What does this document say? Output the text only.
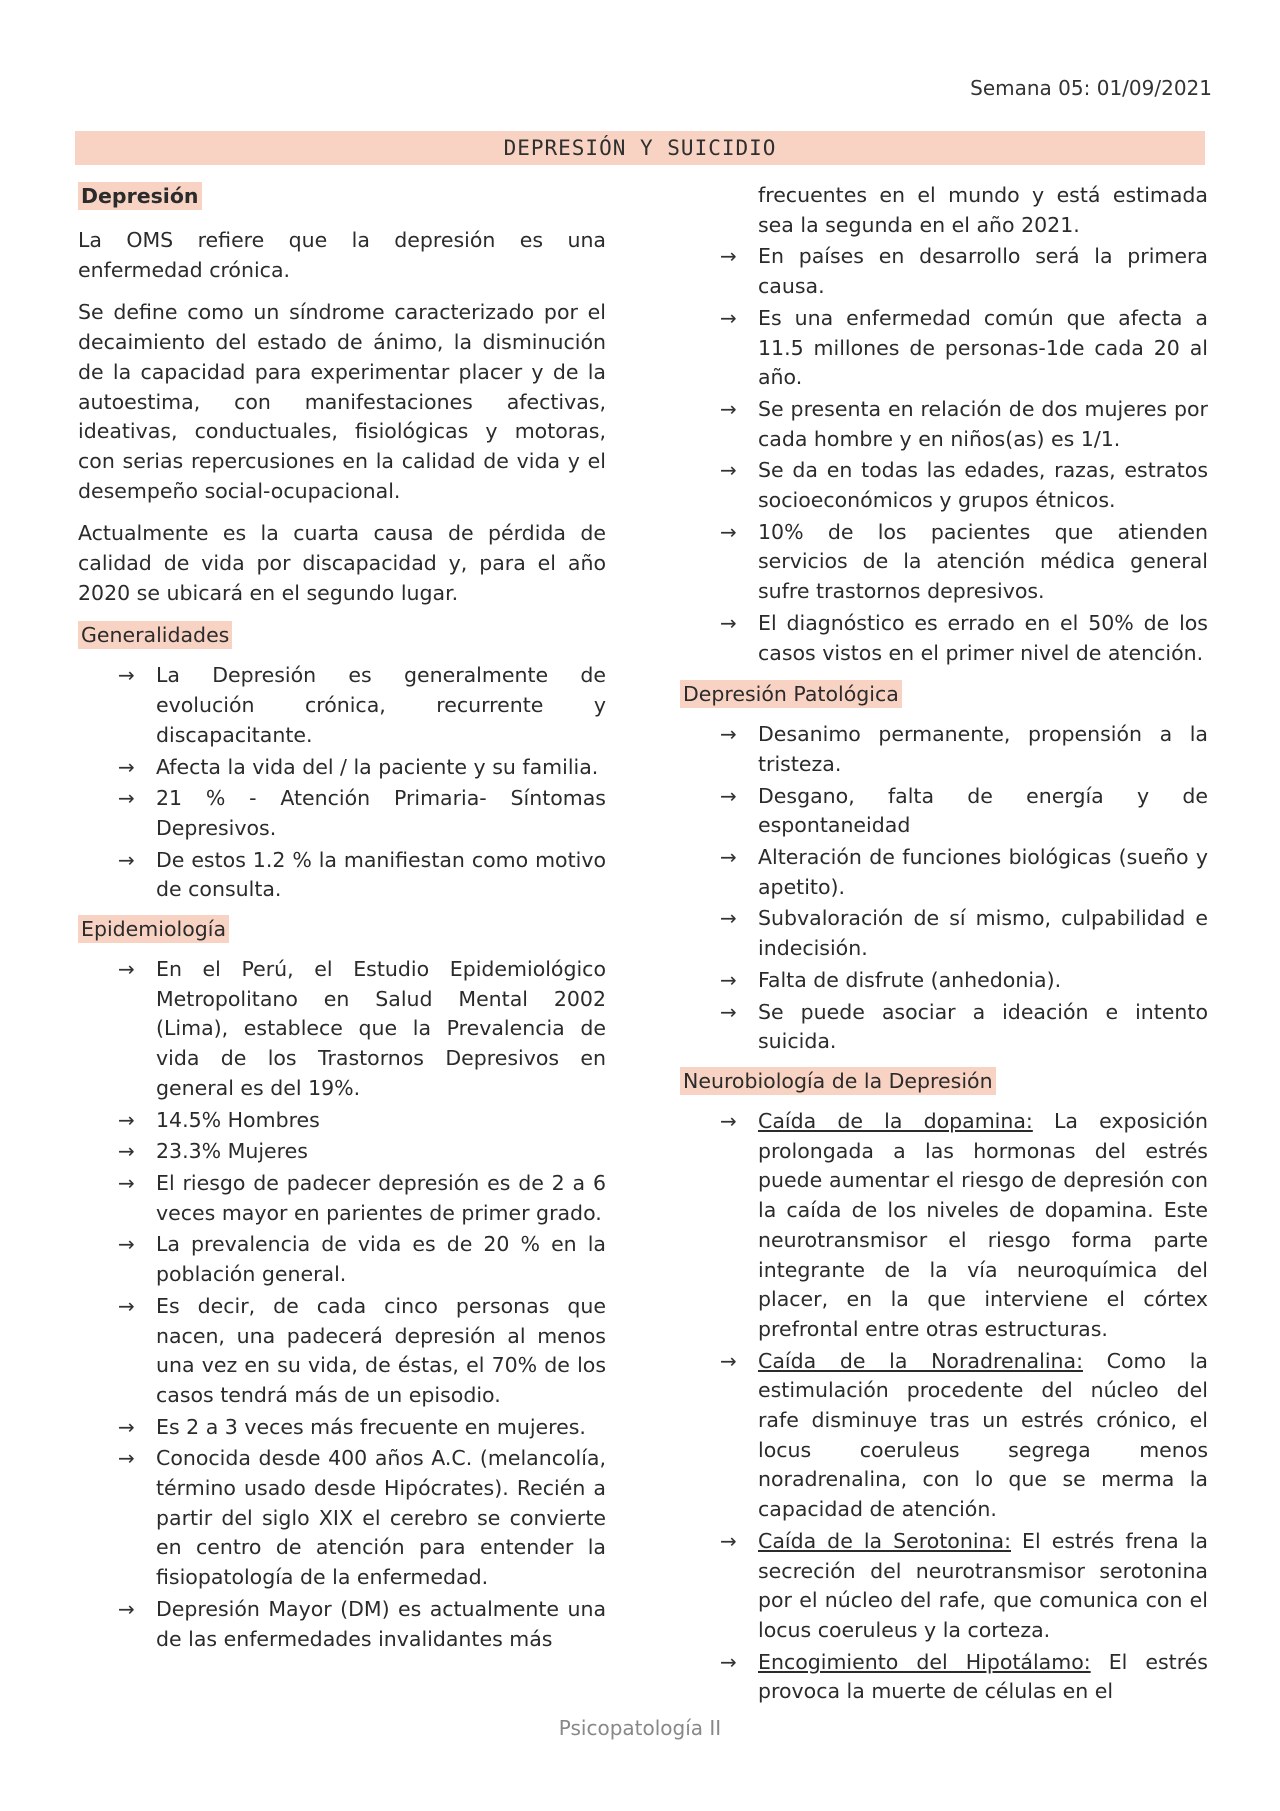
Semana 05: 01/09/2021
DEPRESIÓN Y SUICIDIO
Depresión

La OMS refiere que la depresión es una enfermedad crónica.

Se define como un síndrome caracterizado por el decaimiento del estado de ánimo, la disminución de la capacidad para experimentar placer y de la autoestima, con manifestaciones afectivas, ideativas, conductuales, fisiológicas y motoras, con serias repercusiones en la calidad de vida y el desempeño social-ocupacional.

Actualmente es la cuarta causa de pérdida de calidad de vida por discapacidad y, para el año 2020 se ubicará en el segundo lugar.

Generalidades
→ La Depresión es generalmente de evolución crónica, recurrente y discapacitante.
→ Afecta la vida del / la paciente y su familia.
→ 21 % - Atención Primaria- Síntomas Depresivos.
→ De estos 1.2 % la manifiestan como motivo de consulta.
Epidemiología
→ En el Perú, el Estudio Epidemiológico Metropolitano en Salud Mental 2002 (Lima), establece que la Prevalencia de vida de los Trastornos Depresivos en general es del 19%.
→ 14.5% Hombres
→ 23.3% Mujeres
→ El riesgo de padecer depresión es de 2 a 6 veces mayor en parientes de primer grado.
→ La prevalencia de vida es de 20 % en la población general.
→ Es decir, de cada cinco personas que nacen, una padecerá depresión al menos una vez en su vida, de éstas, el 70% de los casos tendrá más de un episodio.
→ Es 2 a 3 veces más frecuente en mujeres.
→ Conocida desde 400 años A.C. (melancolía, término usado desde Hipócrates). Recién a partir del siglo XIX el cerebro se convierte en centro de atención para entender la fisiopatología de la enfermedad.
→ Depresión Mayor (DM) es actualmente una de las enfermedades invalidantes más
frecuentes en el mundo y está estimada sea la segunda en el año 2021.
→ En países en desarrollo será la primera causa.
→ Es una enfermedad común que afecta a 11.5 millones de personas-1de cada 20 al año.
→ Se presenta en relación de dos mujeres por cada hombre y en niños(as) es 1/1.
→ Se da en todas las edades, razas, estratos socioeconómicos y grupos étnicos.
→ 10% de los pacientes que atienden servicios de la atención médica general sufre trastornos depresivos.
→ El diagnóstico es errado en el 50% de los casos vistos en el primer nivel de atención.
Depresión Patológica
→ Desanimo permanente, propensión a la tristeza.
→ Desgano, falta de energía y de espontaneidad
→ Alteración de funciones biológicas (sueño y apetito).
→ Subvaloración de sí mismo, culpabilidad e indecisión.
→ Falta de disfrute (anhedonia).
→ Se puede asociar a ideación e intento suicida.
Neurobiología de la Depresión
→ Caída de la dopamina: La exposición prolongada a las hormonas del estrés puede aumentar el riesgo de depresión con la caída de los niveles de dopamina. Este neurotransmisor el riesgo forma parte integrante de la vía neuroquímica del placer, en la que interviene el córtex prefrontal entre otras estructuras.
→ Caída de la Noradrenalina: Como la estimulación procedente del núcleo del rafe disminuye tras un estrés crónico, el locus coeruleus segrega menos noradrenalina, con lo que se merma la capacidad de atención.
→ Caída de la Serotonina: El estrés frena la secreción del neurotransmisor serotonina por el núcleo del rafe, que comunica con el locus coeruleus y la corteza.
→ Encogimiento del Hipotálamo: El estrés provoca la muerte de células en el
Psicopatología II
